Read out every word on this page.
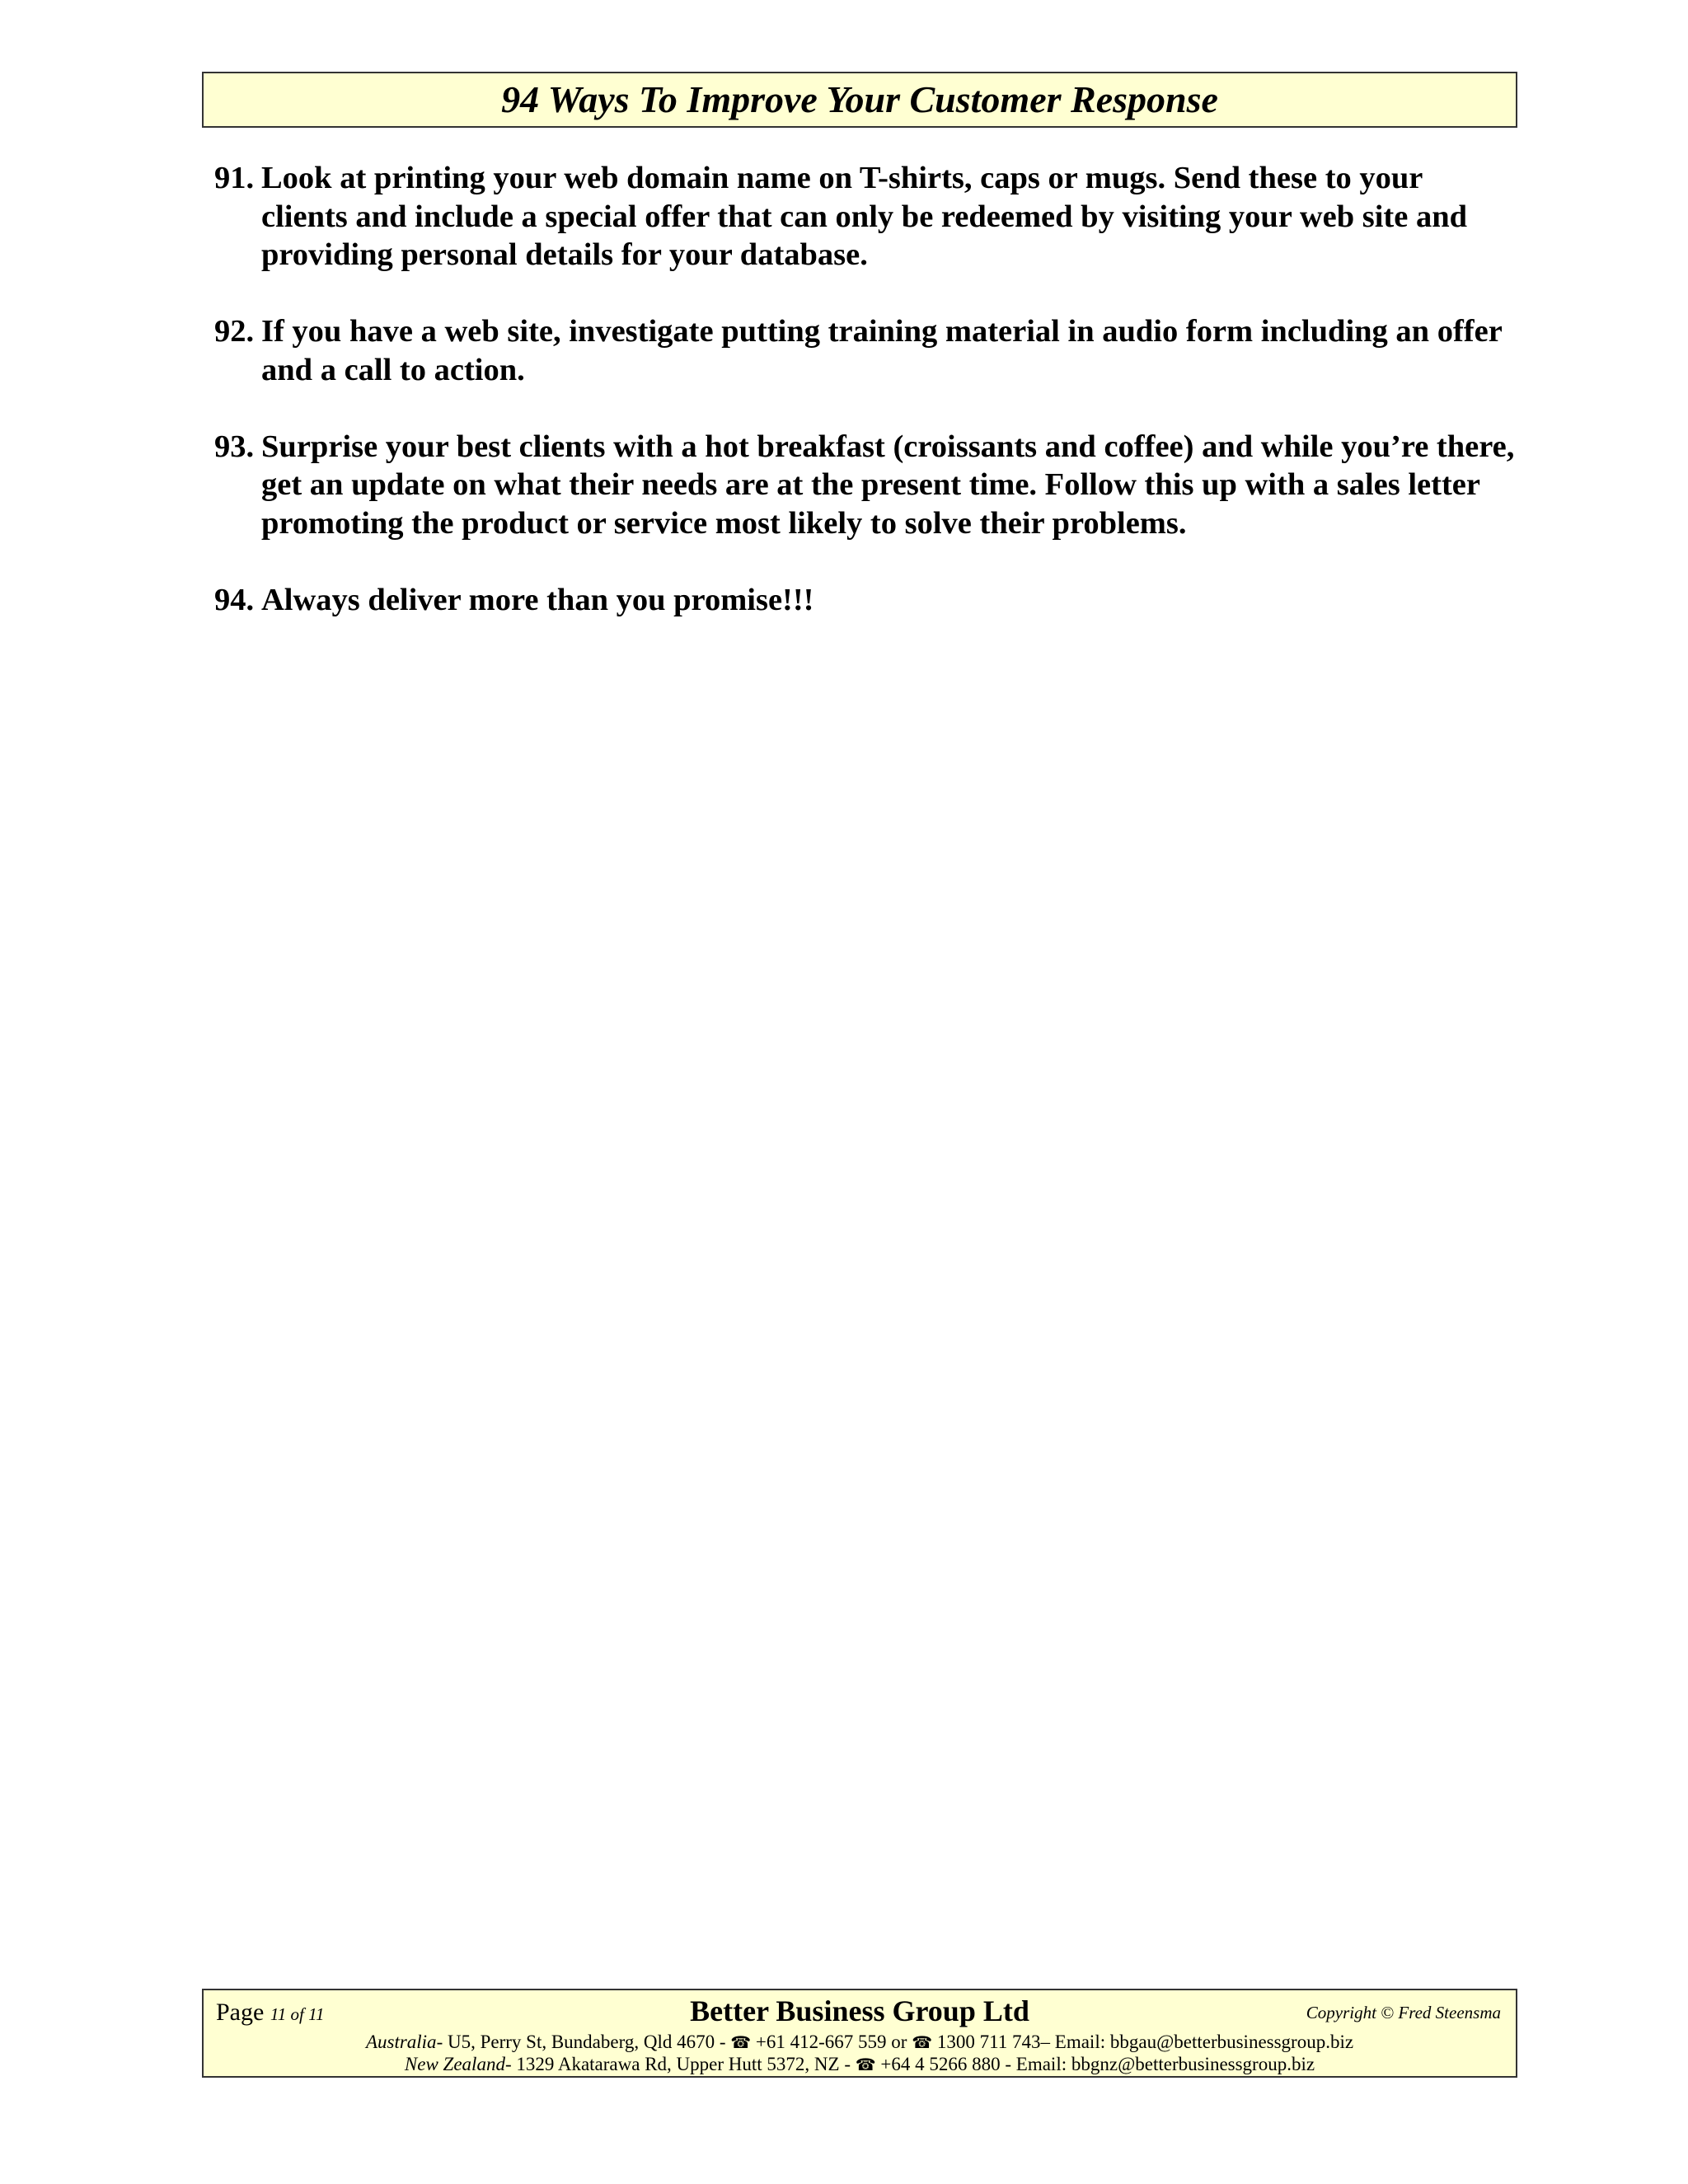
94 Ways To Improve Your Customer Response
91. Look at printing your web domain name on T-shirts, caps or mugs. Send these to your clients and include a special offer that can only be redeemed by visiting your web site and providing personal details for your database.
92. If you have a web site, investigate putting training material in audio form including an offer and a call to action.
93. Surprise your best clients with a hot breakfast (croissants and coffee) and while you’re there, get an update on what their needs are at the present time. Follow this up with a sales letter promoting the product or service most likely to solve their problems.
94. Always deliver more than you promise!!!
Page 11 of 11	Better Business Group Ltd	Copyright © Fred Steensma
Australia- U5, Perry St, Bundaberg, Qld 4670 - ☎ +61 412-667 559 or ☎ 1300 711 743– Email: bbgau@betterbusinessgroup.biz
New Zealand- 1329 Akatarawa Rd, Upper Hutt 5372, NZ - ☎ +64 4 5266 880 - Email: bbgnz@betterbusinessgroup.biz
